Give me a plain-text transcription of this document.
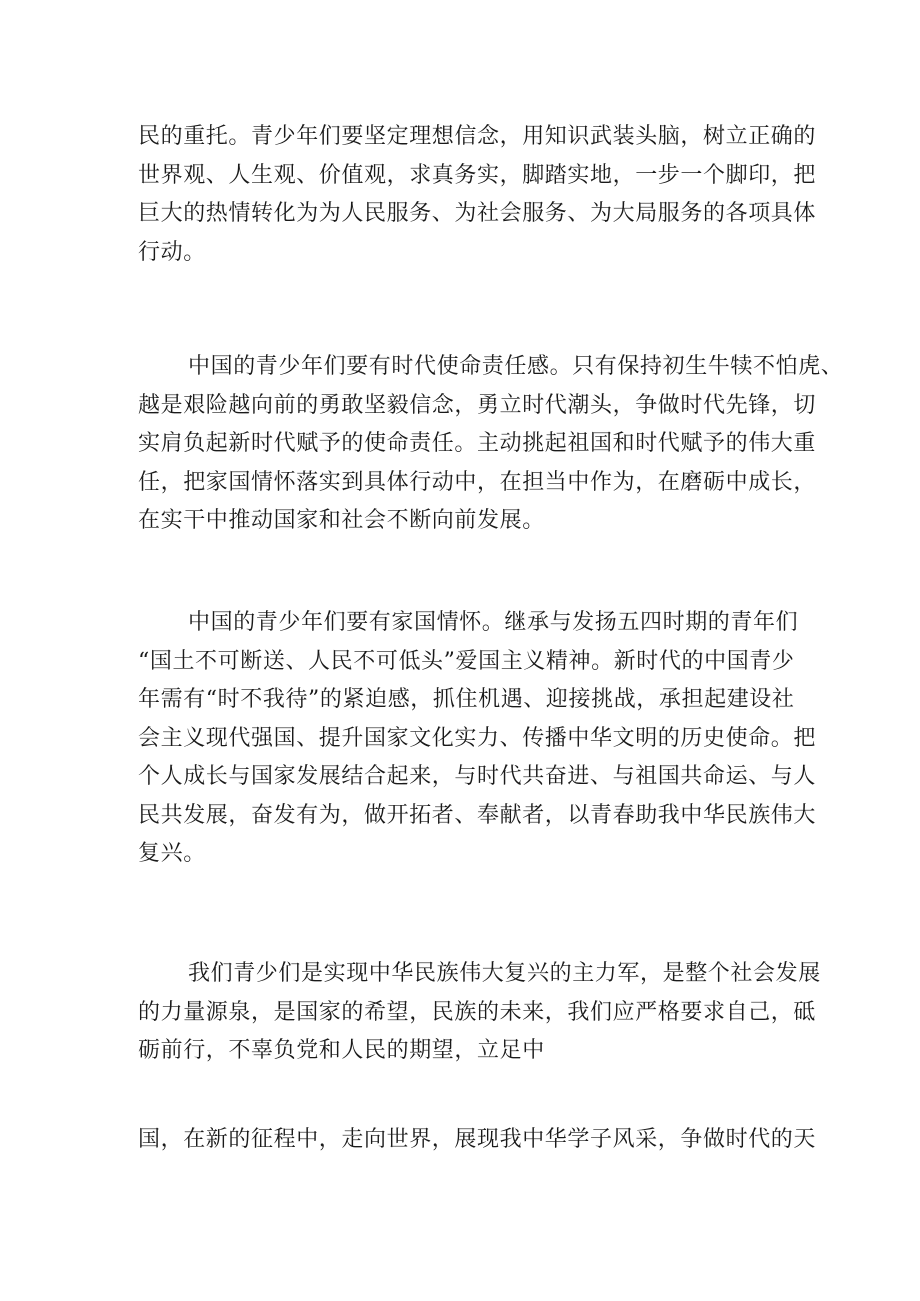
民的重托。青少年们要坚定理想信念，用知识武装头脑，树立正确的
世界观、人生观、价值观，求真务实，脚踏实地，一步一个脚印，把
巨大的热情转化为为人民服务、为社会服务、为大局服务的各项具体
行动。

中国的青少年们要有时代使命责任感。只有保持初生牛犊不怕虎、
越是艰险越向前的勇敢坚毅信念，勇立时代潮头，争做时代先锋，切
实肩负起新时代赋予的使命责任。主动挑起祖国和时代赋予的伟大重
任，把家国情怀落实到具体行动中，在担当中作为，在磨砺中成长，
在实干中推动国家和社会不断向前发展。

中国的青少年们要有家国情怀。继承与发扬五四时期的青年们
“国土不可断送、人民不可低头”爱国主义精神。新时代的中国青少
年需有“时不我待”的紧迫感，抓住机遇、迎接挑战，承担起建设社
会主义现代强国、提升国家文化实力、传播中华文明的历史使命。把
个人成长与国家发展结合起来，与时代共奋进、与祖国共命运、与人
民共发展，奋发有为，做开拓者、奉献者，以青春助我中华民族伟大
复兴。

我们青少们是实现中华民族伟大复兴的主力军，是整个社会发展
的力量源泉，是国家的希望，民族的未来，我们应严格要求自己，砥
砺前行，不辜负党和人民的期望，立足中

国，在新的征程中，走向世界，展现我中华学子风采，争做时代的天
